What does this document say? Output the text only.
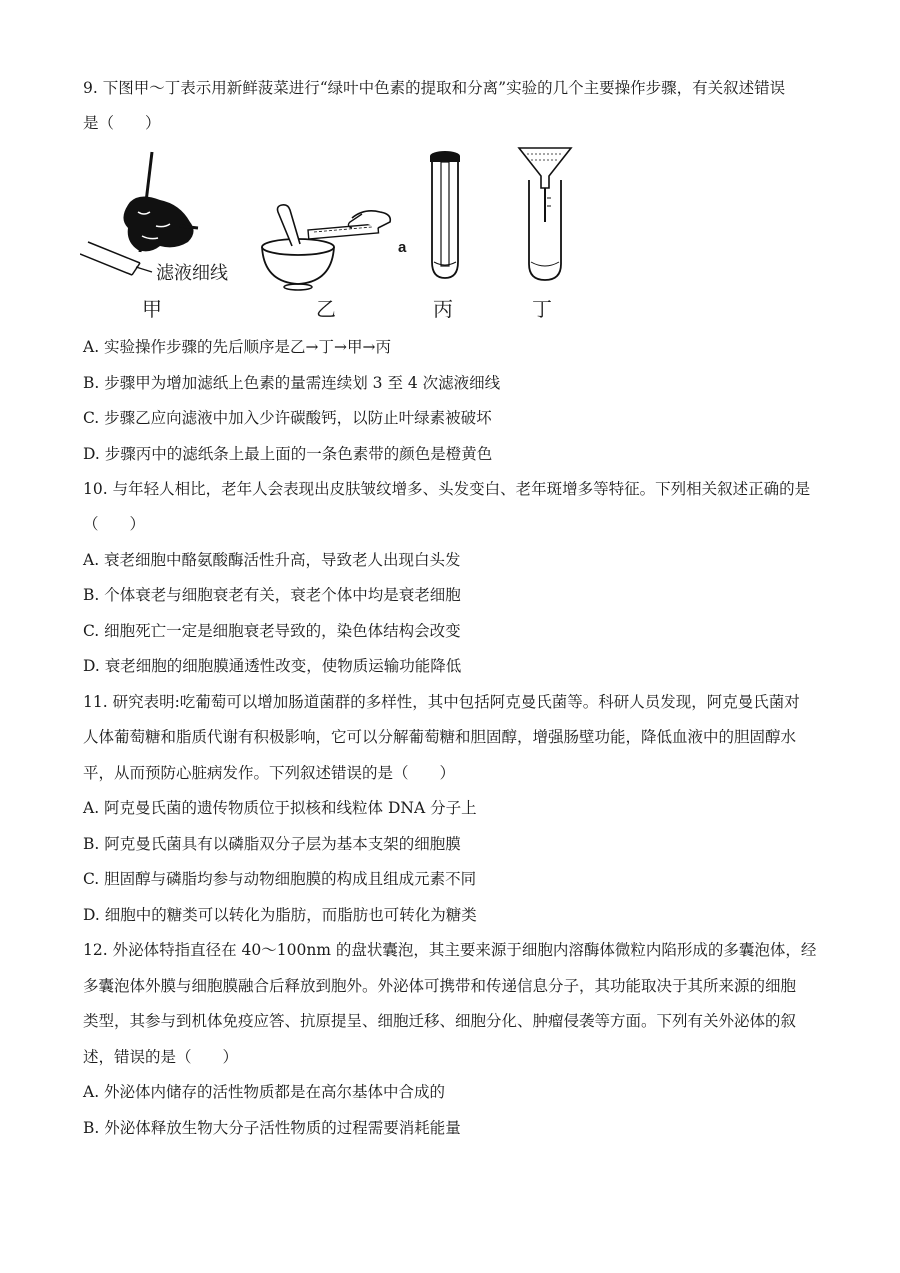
9. 下图甲～丁表示用新鲜菠菜进行“绿叶中色素的提取和分离”实验的几个主要操作步骤，有关叙述错误
是（　　）
滤液细线
甲
a
乙	丙	丁
A. 实验操作步骤的先后顺序是乙→丁→甲→丙
B. 步骤甲为增加滤纸上色素的量需连续划 3 至 4 次滤液细线
C. 步骤乙应向滤液中加入少许碳酸钙，以防止叶绿素被破坏
D. 步骤丙中的滤纸条上最上面的一条色素带的颜色是橙黄色
10. 与年轻人相比，老年人会表现出皮肤皱纹增多、头发变白、老年斑增多等特征。下列相关叙述正确的是
（　　）
A. 衰老细胞中酪氨酸酶活性升高，导致老人出现白头发
B. 个体衰老与细胞衰老有关，衰老个体中均是衰老细胞
C. 细胞死亡一定是细胞衰老导致的，染色体结构会改变
D. 衰老细胞的细胞膜通透性改变，使物质运输功能降低
11. 研究表明:吃葡萄可以增加肠道菌群的多样性，其中包括阿克曼氏菌等。科研人员发现，阿克曼氏菌对
人体葡萄糖和脂质代谢有积极影响，它可以分解葡萄糖和胆固醇，增强肠壁功能，降低血液中的胆固醇水
平，从而预防心脏病发作。下列叙述错误的是（　　）
A. 阿克曼氏菌的遗传物质位于拟核和线粒体 DNA 分子上
B. 阿克曼氏菌具有以磷脂双分子层为基本支架的细胞膜
C. 胆固醇与磷脂均参与动物细胞膜的构成且组成元素不同
D. 细胞中的糖类可以转化为脂肪，而脂肪也可转化为糖类
12. 外泌体特指直径在 40～100nm 的盘状囊泡，其主要来源于细胞内溶酶体微粒内陷形成的多囊泡体，经
多囊泡体外膜与细胞膜融合后释放到胞外。外泌体可携带和传递信息分子，其功能取决于其所来源的细胞
类型，其参与到机体免疫应答、抗原提呈、细胞迁移、细胞分化、肿瘤侵袭等方面。下列有关外泌体的叙
述，错误的是（　　）
A. 外泌体内储存的活性物质都是在高尔基体中合成的
B. 外泌体释放生物大分子活性物质的过程需要消耗能量
